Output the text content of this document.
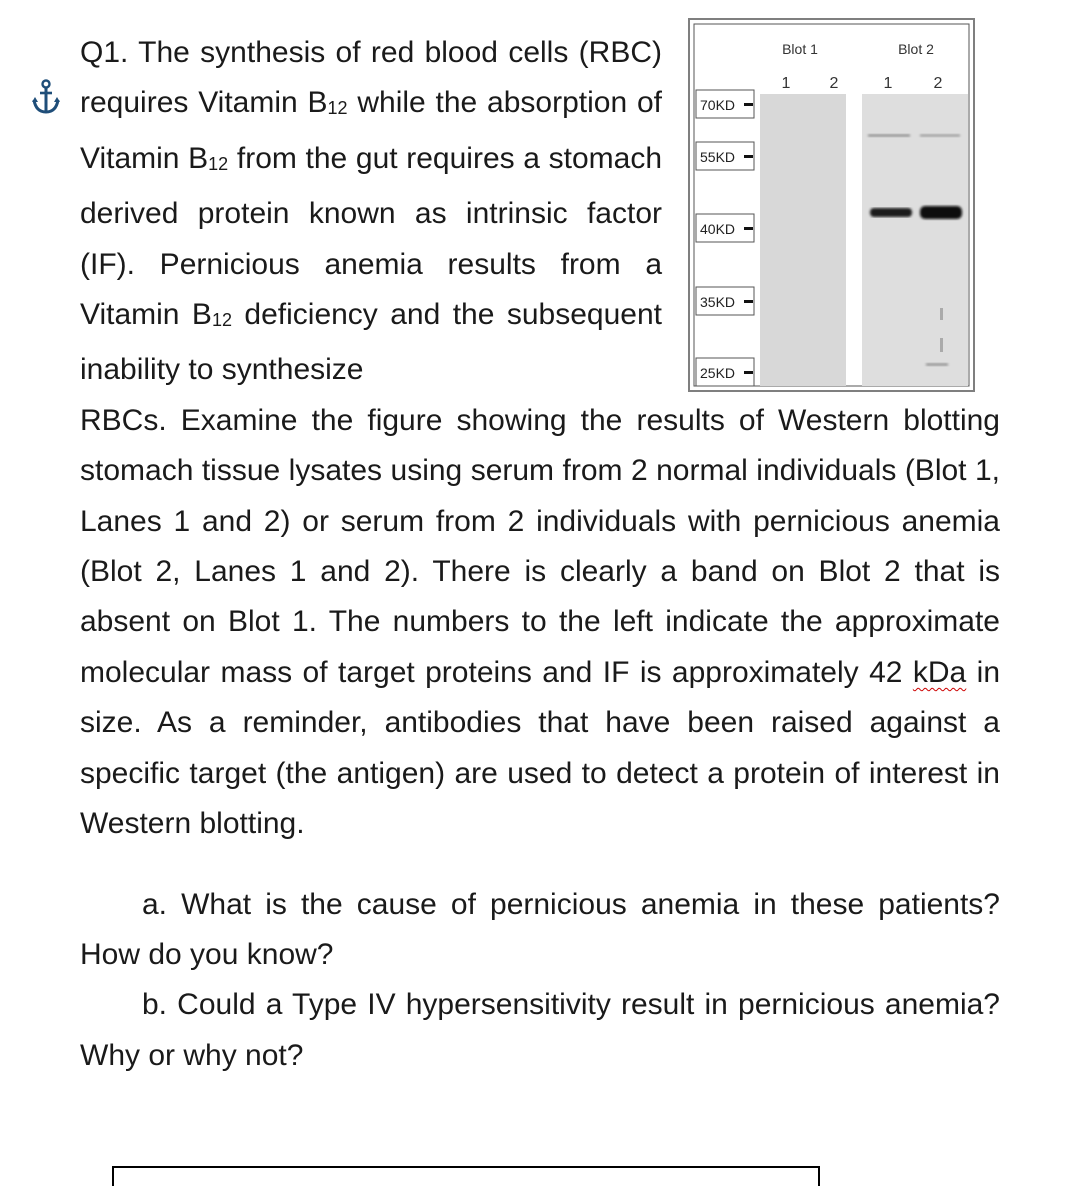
Q1. The synthesis of red blood cells (RBC) requires Vitamin $B_{12}$ while the absorption of Vitamin $B_{12}$ from the gut requires a stomach derived protein known as intrinsic factor (IF). Pernicious anemia results from a Vitamin $B_{12}$ deficiency and the subsequent inability to synthesize
RBCs. Examine the figure showing the results of Western blotting stomach tissue lysates using serum from 2 normal individuals (Blot 1, Lanes 1 and 2) or serum from 2 individuals with pernicious anemia (Blot 2, Lanes 1 and 2). There is clearly a band on Blot 2 that is absent on Blot 1. The numbers to the left indicate the approximate molecular mass of target proteins and IF is approximately 42 kDa in size. As a reminder, antibodies that have been raised against a specific target (the antigen) are used to detect a protein of interest in Western blotting.
a. What is the cause of pernicious anemia in these patients? How do you know?
b. Could a Type IV hypersensitivity result in pernicious anemia? Why or why not?
Blot 1	Blot 2
1 2	1	2
70KD
55KD
40KD
35KD
25KD
